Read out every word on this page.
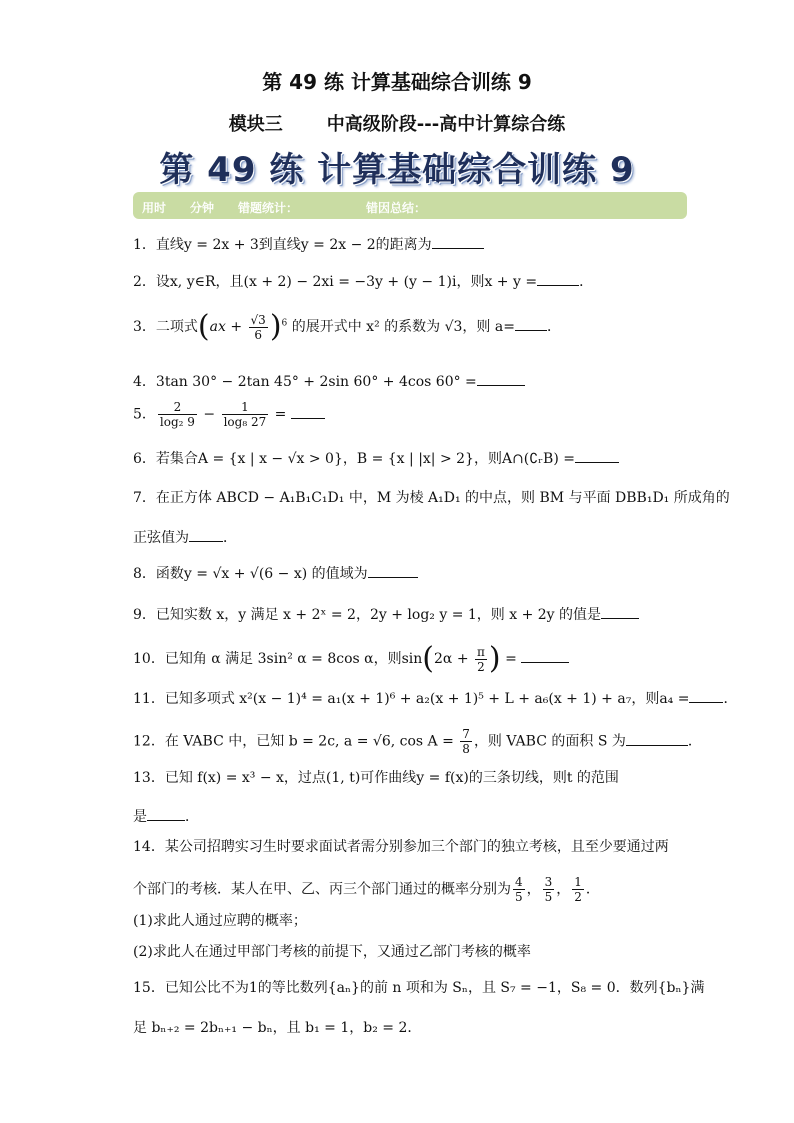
第 49 练 计算基础综合训练 9
模块三 中高级阶段---高中计算综合练
第 49 练 计算基础综合训练 9
用时 分钟 错题统计：	错因总结：
1．直线y = 2x + 3到直线y = 2x − 2的距离为
2．设x, y∈R，且(x + 2) − 2xi = −3y + (y − 1)i，则x + y =	．
3．二项式$(ax + \frac{√3}{6} )^6$ 的展开式中 x² 的系数为 √3，则 a= ．
4．3tan 30° − 2tan 45° + 2sin 60° + 4cos 60° =
5． $\frac{2}{\text{log₂ 9}} - \frac{1}{\text{log₈ 27}}$ =
6．若集合A = {x | x − √x > 0}，B = {x | |x| > 2}，则A∩(∁ᵣB) =
7．在正方体 ABCD − A₁B₁C₁D₁ 中，M 为棱 A₁D₁ 的中点，则 BM 与平面 DBB₁D₁ 所成角的
正弦值为 ．
8．函数y = √x + √(6 − x) 的值域为
9．已知实数 x，y 满足 x + 2ˣ = 2，2y + log₂ y = 1，则 x + 2y 的值是
10．已知角 α 满足 3sin² α = 8cos α，则$\sin(2\alpha + \frac{\pi}{2}$ ) =
11．已知多项式 x²(x − 1)⁴ = a₁(x + 1)⁶ + a₂(x + 1)⁵ + L + a₆(x + 1) + a₇，则a₄ = ．
12．在 VABC 中，已知 b = 2c, a = √6, $\cos A = \frac{7}{8}$ ，则 VABC 的面积 S 为	．
13．已知 f(x) = x³ − x，过点(1, t)可作曲线y = f(x)的三条切线，则t 的范围
是	．
14．某公司招聘实习生时要求面试者需分别参加三个部门的独立考核，且至少要通过两
个部门的考核．某人在甲、乙、丙三个部门通过的概率分别为 $\frac{4}{5}$ ， $\frac{3}{5}$ ， $\frac{1}{2}$ ．
(1)求此人通过应聘的概率；
(2)求此人在通过甲部门考核的前提下，又通过乙部门考核的概率
15．已知公比不为1的等比数列{aₙ}的前 n 项和为 Sₙ，且 S₇ = −1，S₈ = 0．数列{bₙ}满
足 bₙ₊₂ = 2bₙ₊₁ − bₙ，且 b₁ = 1，b₂ = 2．
